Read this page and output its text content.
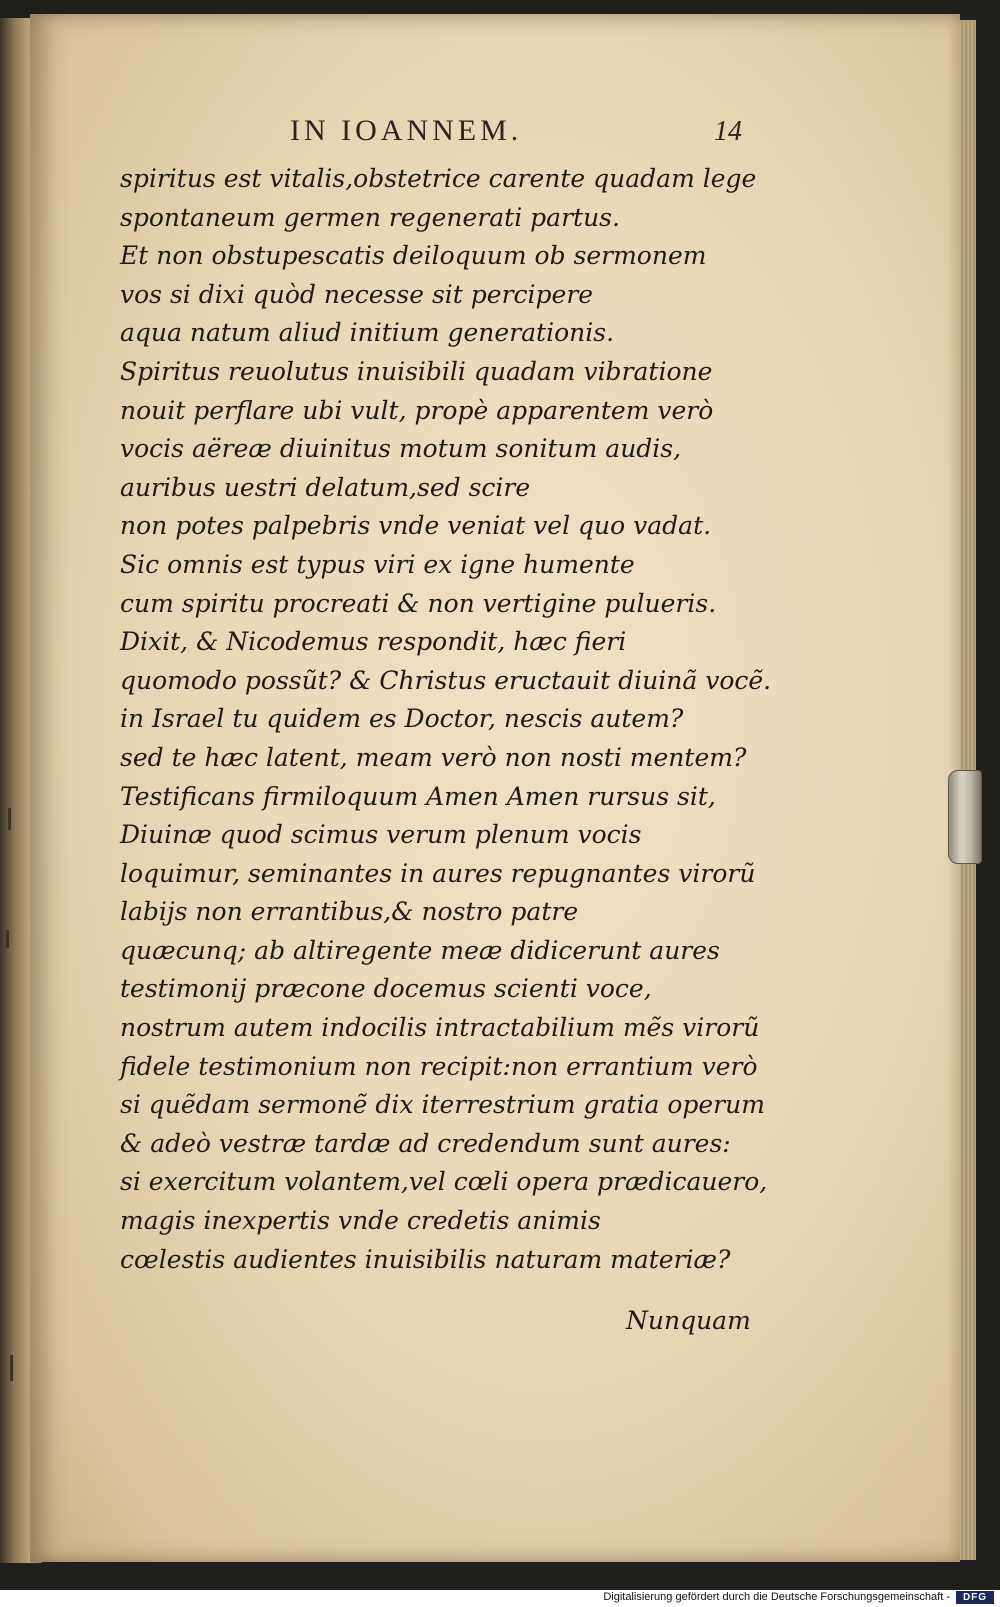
IN IOANNEM.	14
spiritus est vitalis,obstetrice carente quadam lege
spontaneum germen regenerati partus.
Et non obstupescatis deiloquum ob sermonem
vos si dixi quòd necesse sit percipere
aqua natum aliud initium generationis.
Spiritus reuolutus inuisibili quadam vibratione
nouit perflare ubi vult, propè apparentem verò
vocis aëreæ diuinitus motum sonitum audis,
auribus uestri delatum,sed scire
non potes palpebris vnde veniat vel quo vadat.
Sic omnis est typus viri ex igne humente
cum spiritu procreati & non vertigine pulueris.
Dixit, & Nicodemus respondit, hæc fieri
quomodo possũt? & Christus eructauit diuinã vocẽ.
in Israel tu quidem es Doctor, nescis autem?
sed te hæc latent, meam verò non nosti mentem?
Testificans firmiloquum Amen Amen rursus sit,
Diuinæ quod scimus verum plenum vocis
loquimur, seminantes in aures repugnantes virorũ
labijs non errantibus,& nostro patre
quæcunq; ab altiregente meæ didicerunt aures
testimonij præcone docemus scienti voce,
nostrum autem indocilis intractabilium mẽs virorũ
fidele testimonium non recipit:non errantium verò
si quẽdam sermonẽ dix iterrestrium gratia operum
& adeò vestræ tardæ ad credendum sunt aures:
si exercitum volantem,vel cœli opera prædicauero,
magis inexpertis vnde credetis animis
cœlestis audientes inuisibilis naturam materiæ?
Nunquam
Digitalisierung gefördert durch die Deutsche Forschungsgemeinschaft -	DFG
